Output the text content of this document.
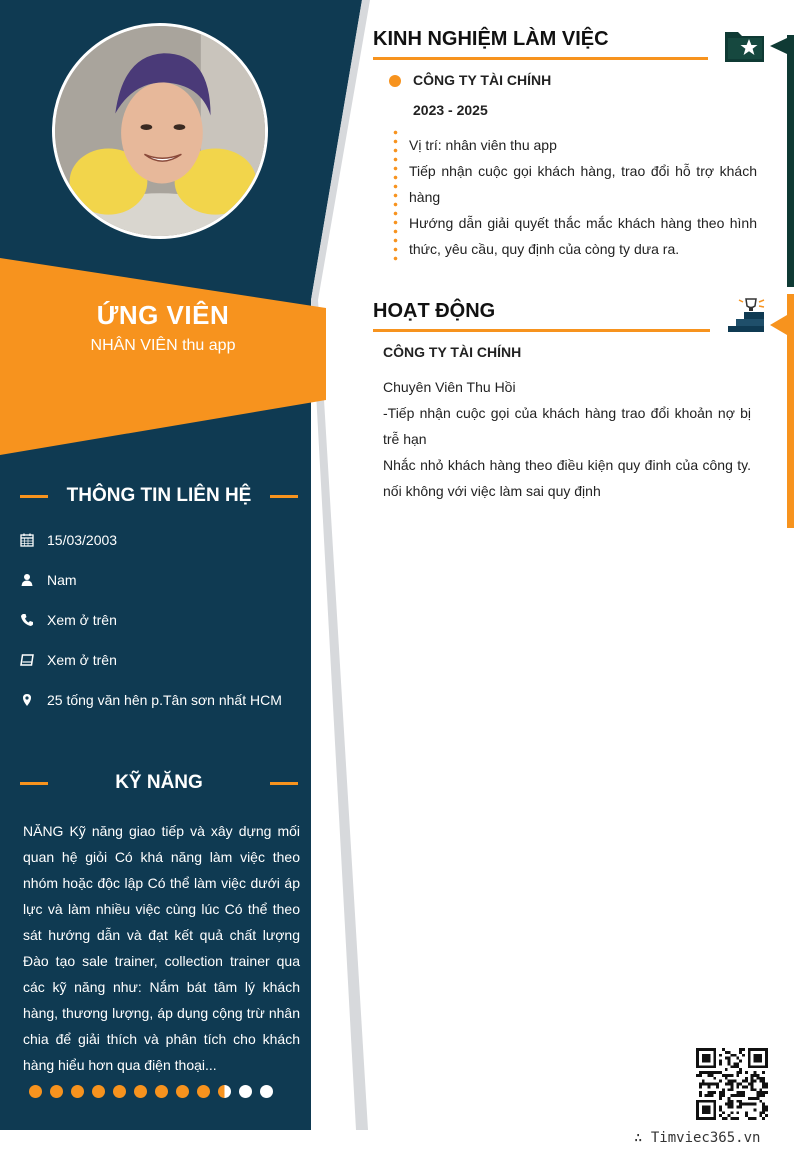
ỨNG VIÊN
NHÂN VIÊN thu app
THÔNG TIN LIÊN HỆ
15/03/2003
Nam
Xem ở trên
Xem ở trên
25 tống văn hên p.Tân sơn nhất HCM
KỸ NĂNG
NĂNG Kỹ năng giao tiếp và xây dựng mối quan hệ giỏi Có khá năng làm việc theo nhóm hoặc độc lập Có thể làm việc dưới áp lực và làm nhiều việc cùng lúc Có thể theo sát hướng dẫn và đạt kết quả chất lượng Đào tạo sale trainer, collection trainer qua các kỹ năng như: Nắm bát tâm lý khách hàng, thương lượng, áp dụng cộng trừ nhân chia để giải thích và phân tích cho khách hàng hiểu hơn qua điện thoại...
KINH NGHIỆM LÀM VIỆC
CÔNG TY TÀI CHÍNH
2023 - 2025
Vị trí: nhân viên thu app
Tiếp nhận cuộc gọi khách hàng, trao đổi hỗ trợ khách hàng
Hướng dẫn giải quyết thắc mắc khách hàng theo hình thức, yêu cầu, quy định của còng ty dưa ra.
HOẠT ĐỘNG
CÔNG TY TÀI CHÍNH
Chuyên Viên Thu Hồi
-Tiếp nhận cuộc gọi của khách hàng trao đổi khoản nợ bị trễ hạn
Nhắc nhỏ khách hàng theo điều kiện quy đinh của công ty. nối không với việc làm sai quy định
∴ Timviec365.vn
